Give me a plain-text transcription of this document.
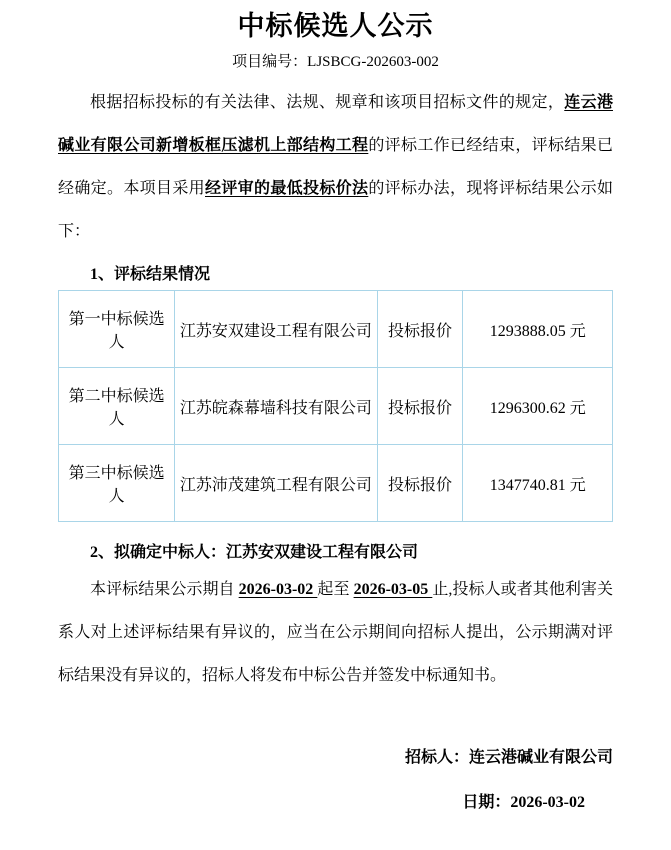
中标候选人公示
项目编号：LJSBCG-202603-002

根据招标投标的有关法律、法规、规章和该项目招标文件的规定，连云港碱业有限公司新增板框压滤机上部结构工程的评标工作已经结束，评标结果已经确定。本项目采用经评审的最低投标价法的评标办法，现将评标结果公示如下：

1、评标结果情况
第一中标候选人	江苏安双建设工程有限公司	投标报价	1293888.05 元
第二中标候选人	江苏皖森幕墙科技有限公司	投标报价	1296300.62 元
第三中标候选人	江苏沛茂建筑工程有限公司	投标报价	1347740.81 元
2、拟确定中标人：江苏安双建设工程有限公司

本评标结果公示期自 2026-03-02 起至 2026-03-05 止,投标人或者其他利害关系人对上述评标结果有异议的，应当在公示期间向招标人提出，公示期满对评标结果没有异议的，招标人将发布中标公告并签发中标通知书。

招标人：连云港碱业有限公司
日期：2026-03-02
